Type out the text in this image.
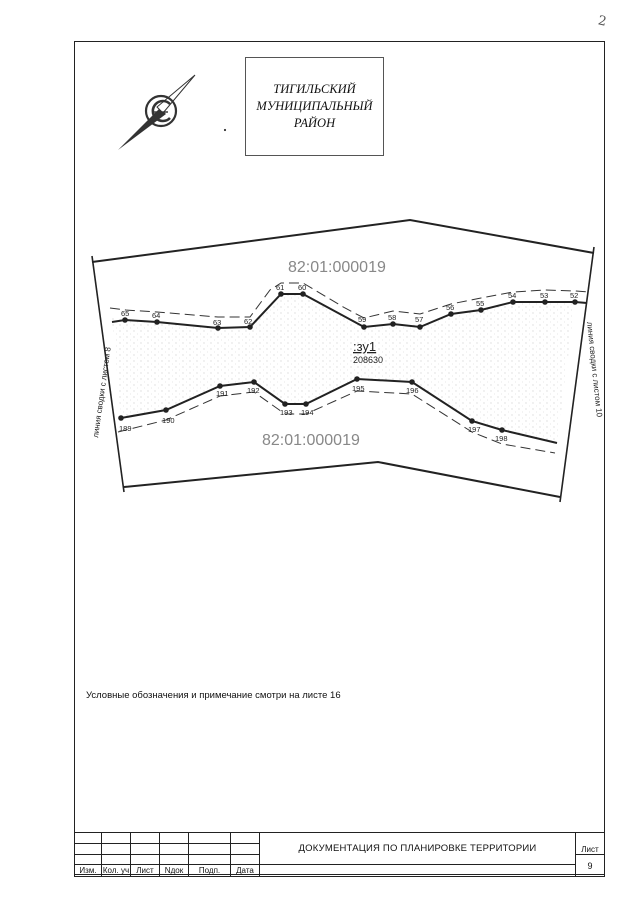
2
65	64
63	62
61 60
59	58 57
56	55
54	53	52
189
190
191 192
193 194
195	196
197
198
82:01:000019
82:01:000019
:зу1
208630
линия сводки с листом 8	линия сводки с листом 10
ТИГИЛЬСКИЙ
МУНИЦИПАЛЬНЫЙ
РАЙОН
Условные обозначения и примечание смотри на листе 16
						ДОКУМЕНТАЦИЯ ПО ПЛАНИРОВКЕ ТЕРРИТОРИИ	Лист

							9
Изм.	Кол. уч	Лист	Nдок	Подп.	Дата		
